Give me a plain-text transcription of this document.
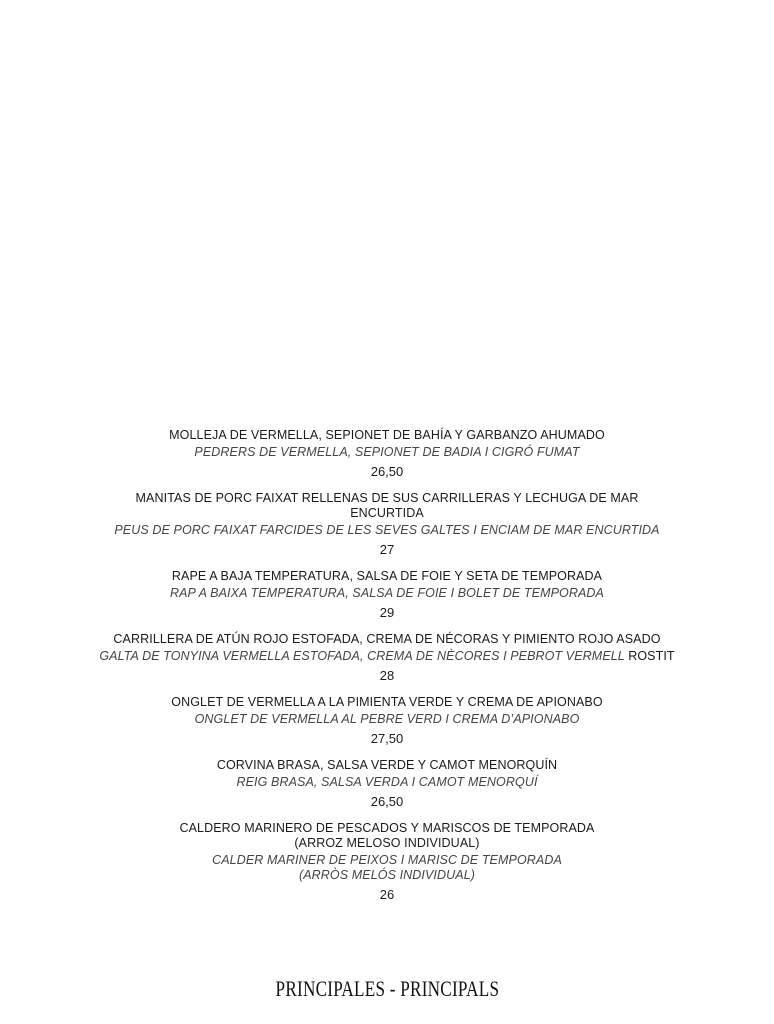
MOLLEJA DE VERMELLA, SEPIONET DE BAHÍA Y GARBANZO AHUMADO
PEDRERS DE VERMELLA, SEPIONET DE BADIA I CIGRÓ FUMAT
26,50
MANITAS DE PORC FAIXAT RELLENAS DE SUS CARRILLERAS Y LECHUGA DE MAR
ENCURTIDA
PEUS DE PORC FAIXAT FARCIDES DE LES SEVES GALTES I ENCIAM DE MAR ENCURTIDA
27
RAPE A BAJA TEMPERATURA, SALSA DE FOIE Y SETA DE TEMPORADA
RAP A BAIXA TEMPERATURA, SALSA DE FOIE I BOLET DE TEMPORADA
29
CARRILLERA DE ATÚN ROJO ESTOFADA, CREMA DE NÉCORAS Y PIMIENTO ROJO ASADO
GALTA DE TONYINA VERMELLA ESTOFADA, CREMA DE NÈCORES I PEBROT VERMELL ROSTIT
28
ONGLET DE VERMELLA A LA PIMIENTA VERDE Y CREMA DE APIONABO
ONGLET DE VERMELLA AL PEBRE VERD I CREMA D’APIONABO
27,50
CORVINA BRASA, SALSA VERDE Y CAMOT MENORQUÍN
REIG BRASA, SALSA VERDA I CAMOT MENORQUÍ
26,50
CALDERO MARINERO DE PESCADOS Y MARISCOS DE TEMPORADA
(ARROZ MELOSO INDIVIDUAL)
CALDER MARINER DE PEIXOS I MARISC DE TEMPORADA
(ARRÒS MELÓS INDIVIDUAL)
26
PRINCIPALES - PRINCIPALS
